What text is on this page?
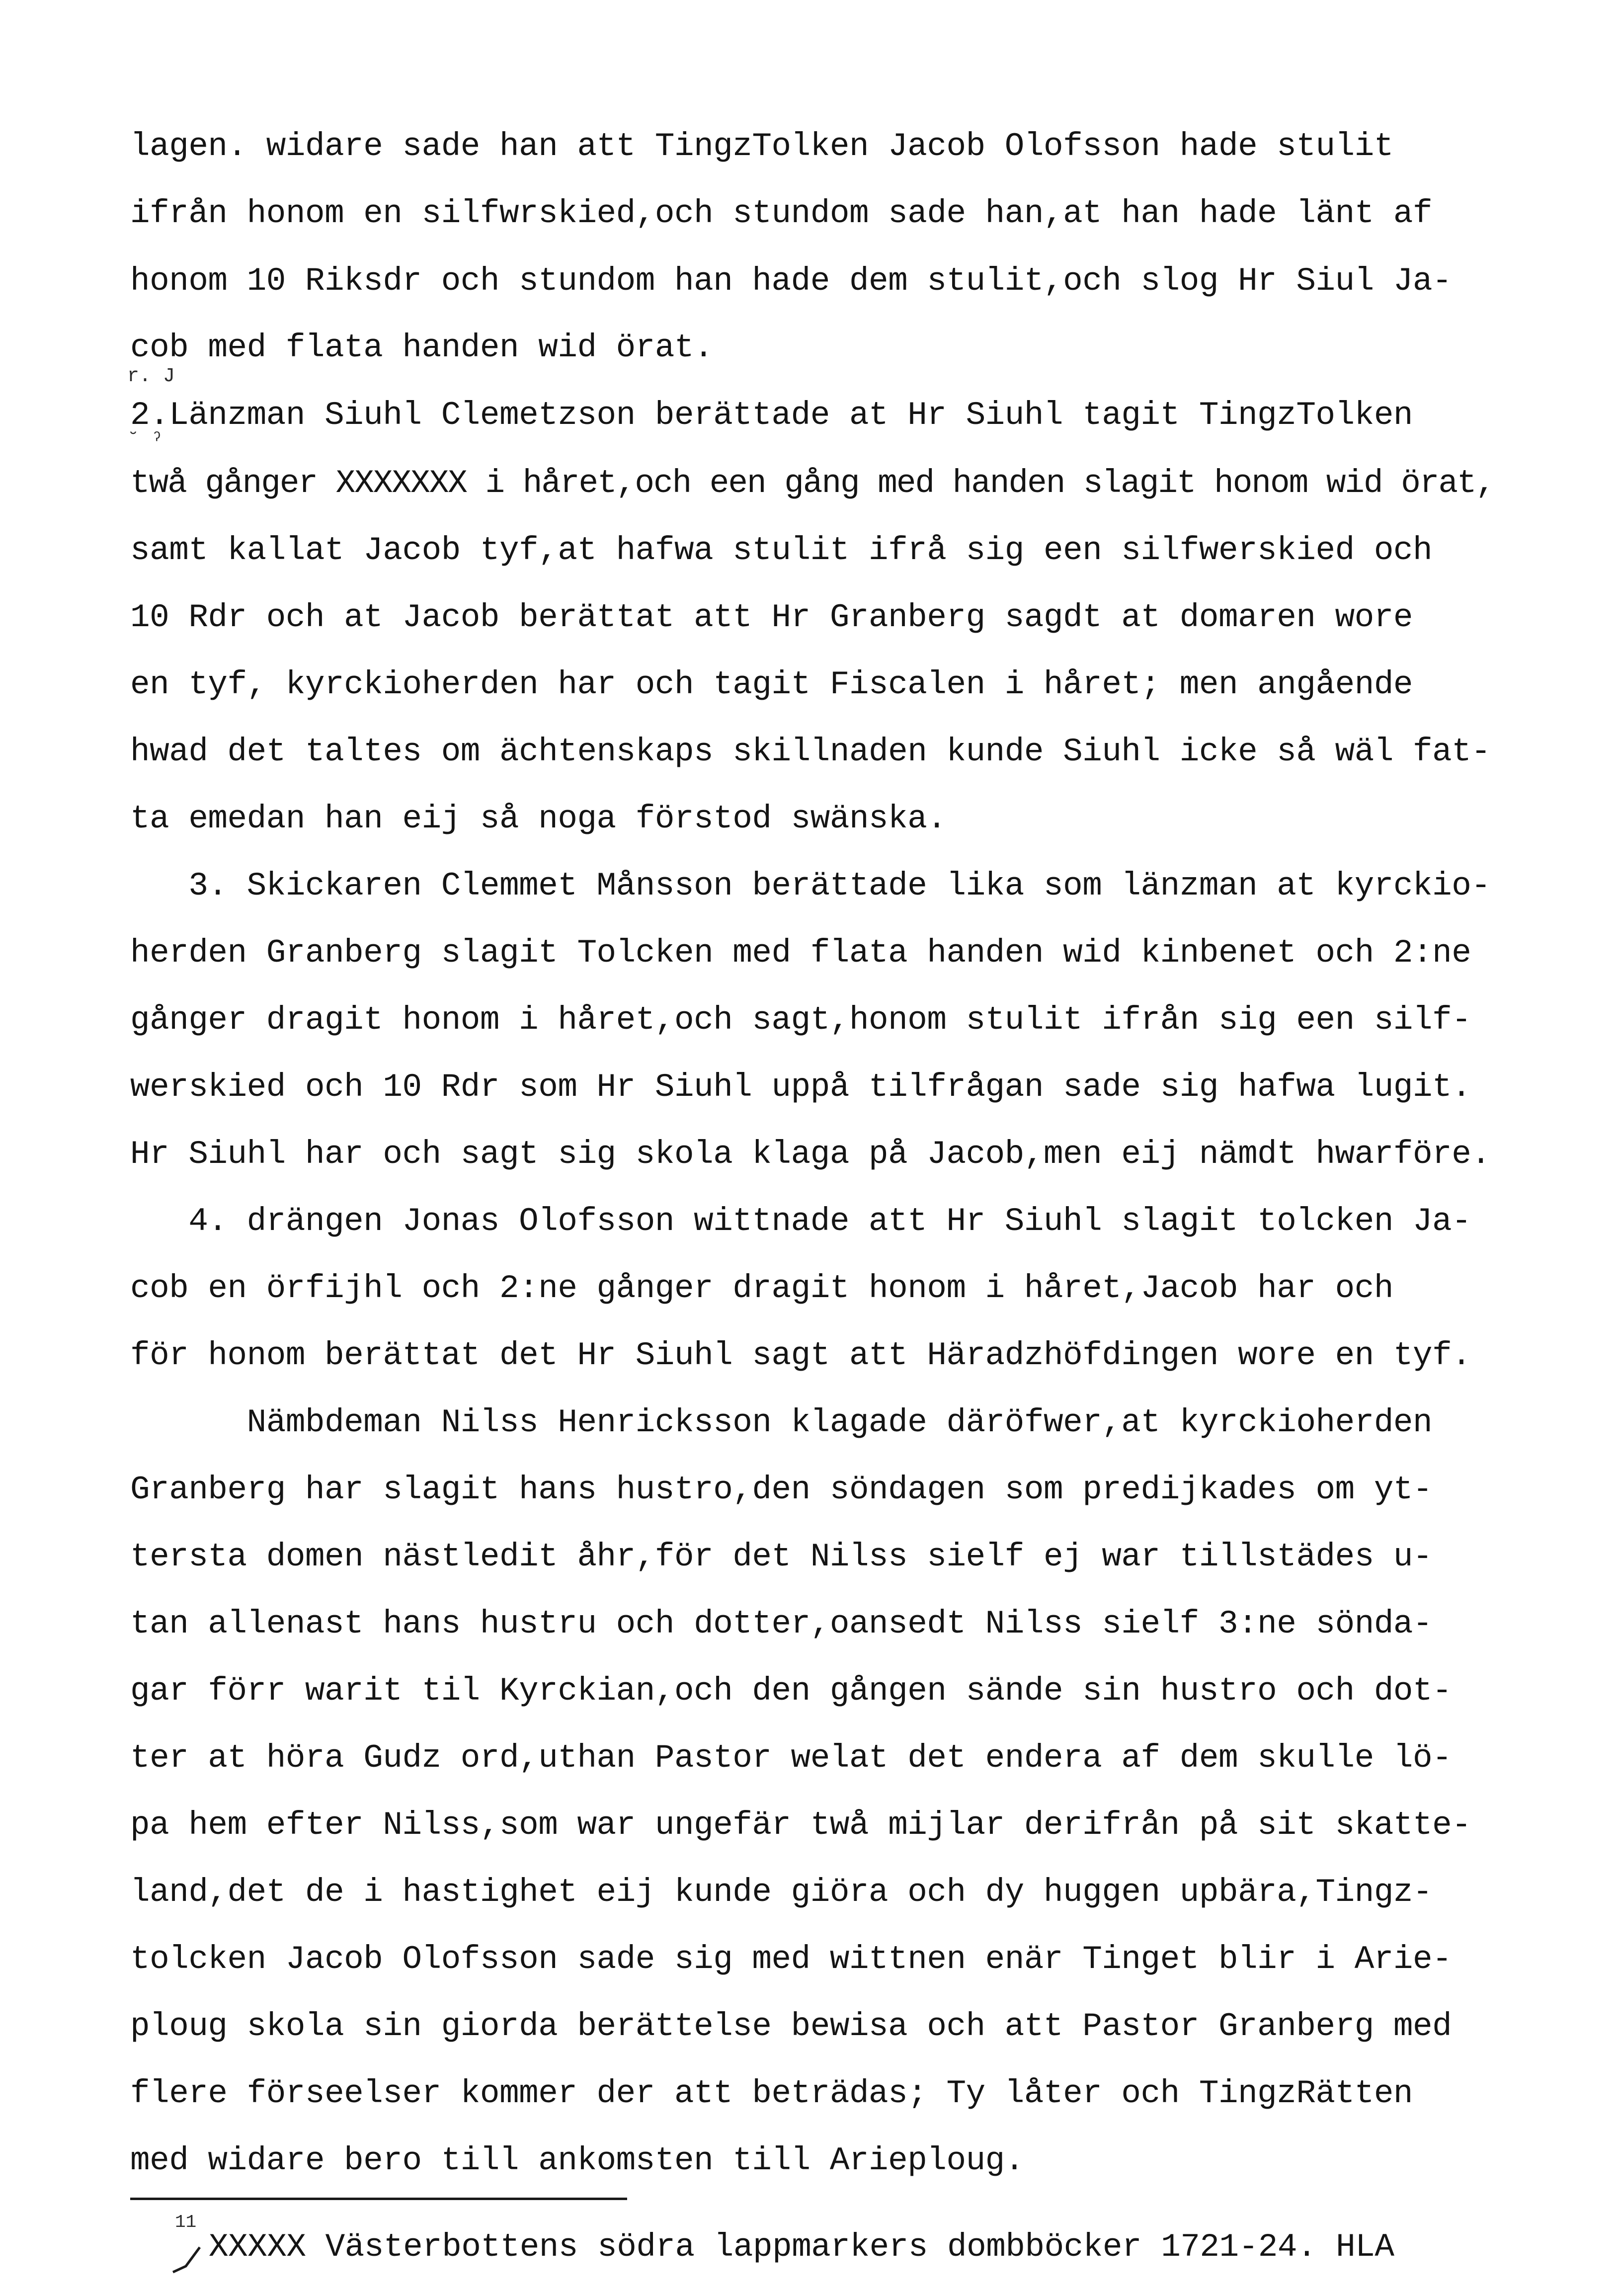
lagen. widare sade han att TingzTolken Jacob Olofsson hade stulit
ifrån honom en silfwrskied,och stundom sade han,at han hade länt af
honom 10 Riksdr och stundom han hade dem stulit,och slog Hr Siul Ja-
cob med flata handen wid örat.
r. J
2.Länzman Siuhl Clemetzson berättade at Hr Siuhl tagit TingzTolken
˘ ˀ
twå gånger XXXXXXX i håret,och een gång med handen slagit honom wid örat,
samt kallat Jacob tyf,at hafwa stulit ifrå sig een silfwerskied och
10 Rdr och at Jacob berättat att Hr Granberg sagdt at domaren wore
en tyf, kyrckioherden har och tagit Fiscalen i håret; men angående
hwad det taltes om ächtenskaps skillnaden kunde Siuhl icke så wäl fat-
ta emedan han eij så noga förstod swänska.
3. Skickaren Clemmet Månsson berättade lika som länzman at kyrckio-
herden Granberg slagit Tolcken med flata handen wid kinbenet och 2:ne
gånger dragit honom i håret,och sagt,honom stulit ifrån sig een silf-
werskied och 10 Rdr som Hr Siuhl uppå tilfrågan sade sig hafwa lugit.
Hr Siuhl har och sagt sig skola klaga på Jacob,men eij nämdt hwarföre.
4. drängen Jonas Olofsson wittnade att Hr Siuhl slagit tolcken Ja-
cob en örfijhl och 2:ne gånger dragit honom i håret,Jacob har och
för honom berättat det Hr Siuhl sagt att Häradzhöfdingen wore en tyf.
Nämbdeman Nilss Henricksson klagade däröfwer,at kyrckioherden
Granberg har slagit hans hustro,den söndagen som predijkades om yt-
tersta domen nästledit åhr,för det Nilss sielf ej war tillstädes u-
tan allenast hans hustru och dotter,oansedt Nilss sielf 3:ne sönda-
gar förr warit til Kyrckian,och den gången sände sin hustro och dot-
ter at höra Gudz ord,uthan Pastor welat det endera af dem skulle lö-
pa hem efter Nilss,som war ungefär twå mijlar derifrån på sit skatte-
land,det de i hastighet eij kunde giöra och dy huggen upbära,Tingz-
tolcken Jacob Olofsson sade sig med wittnen enär Tinget blir i Arie-
ploug skola sin giorda berättelse bewisa och att Pastor Granberg med
flere förseelser kommer der att beträdas; Ty låter och TingzRätten
med widare bero till ankomsten till Arieploug.
11
XXXXX Västerbottens södra lappmarkers dombböcker 1721-24. HLA
